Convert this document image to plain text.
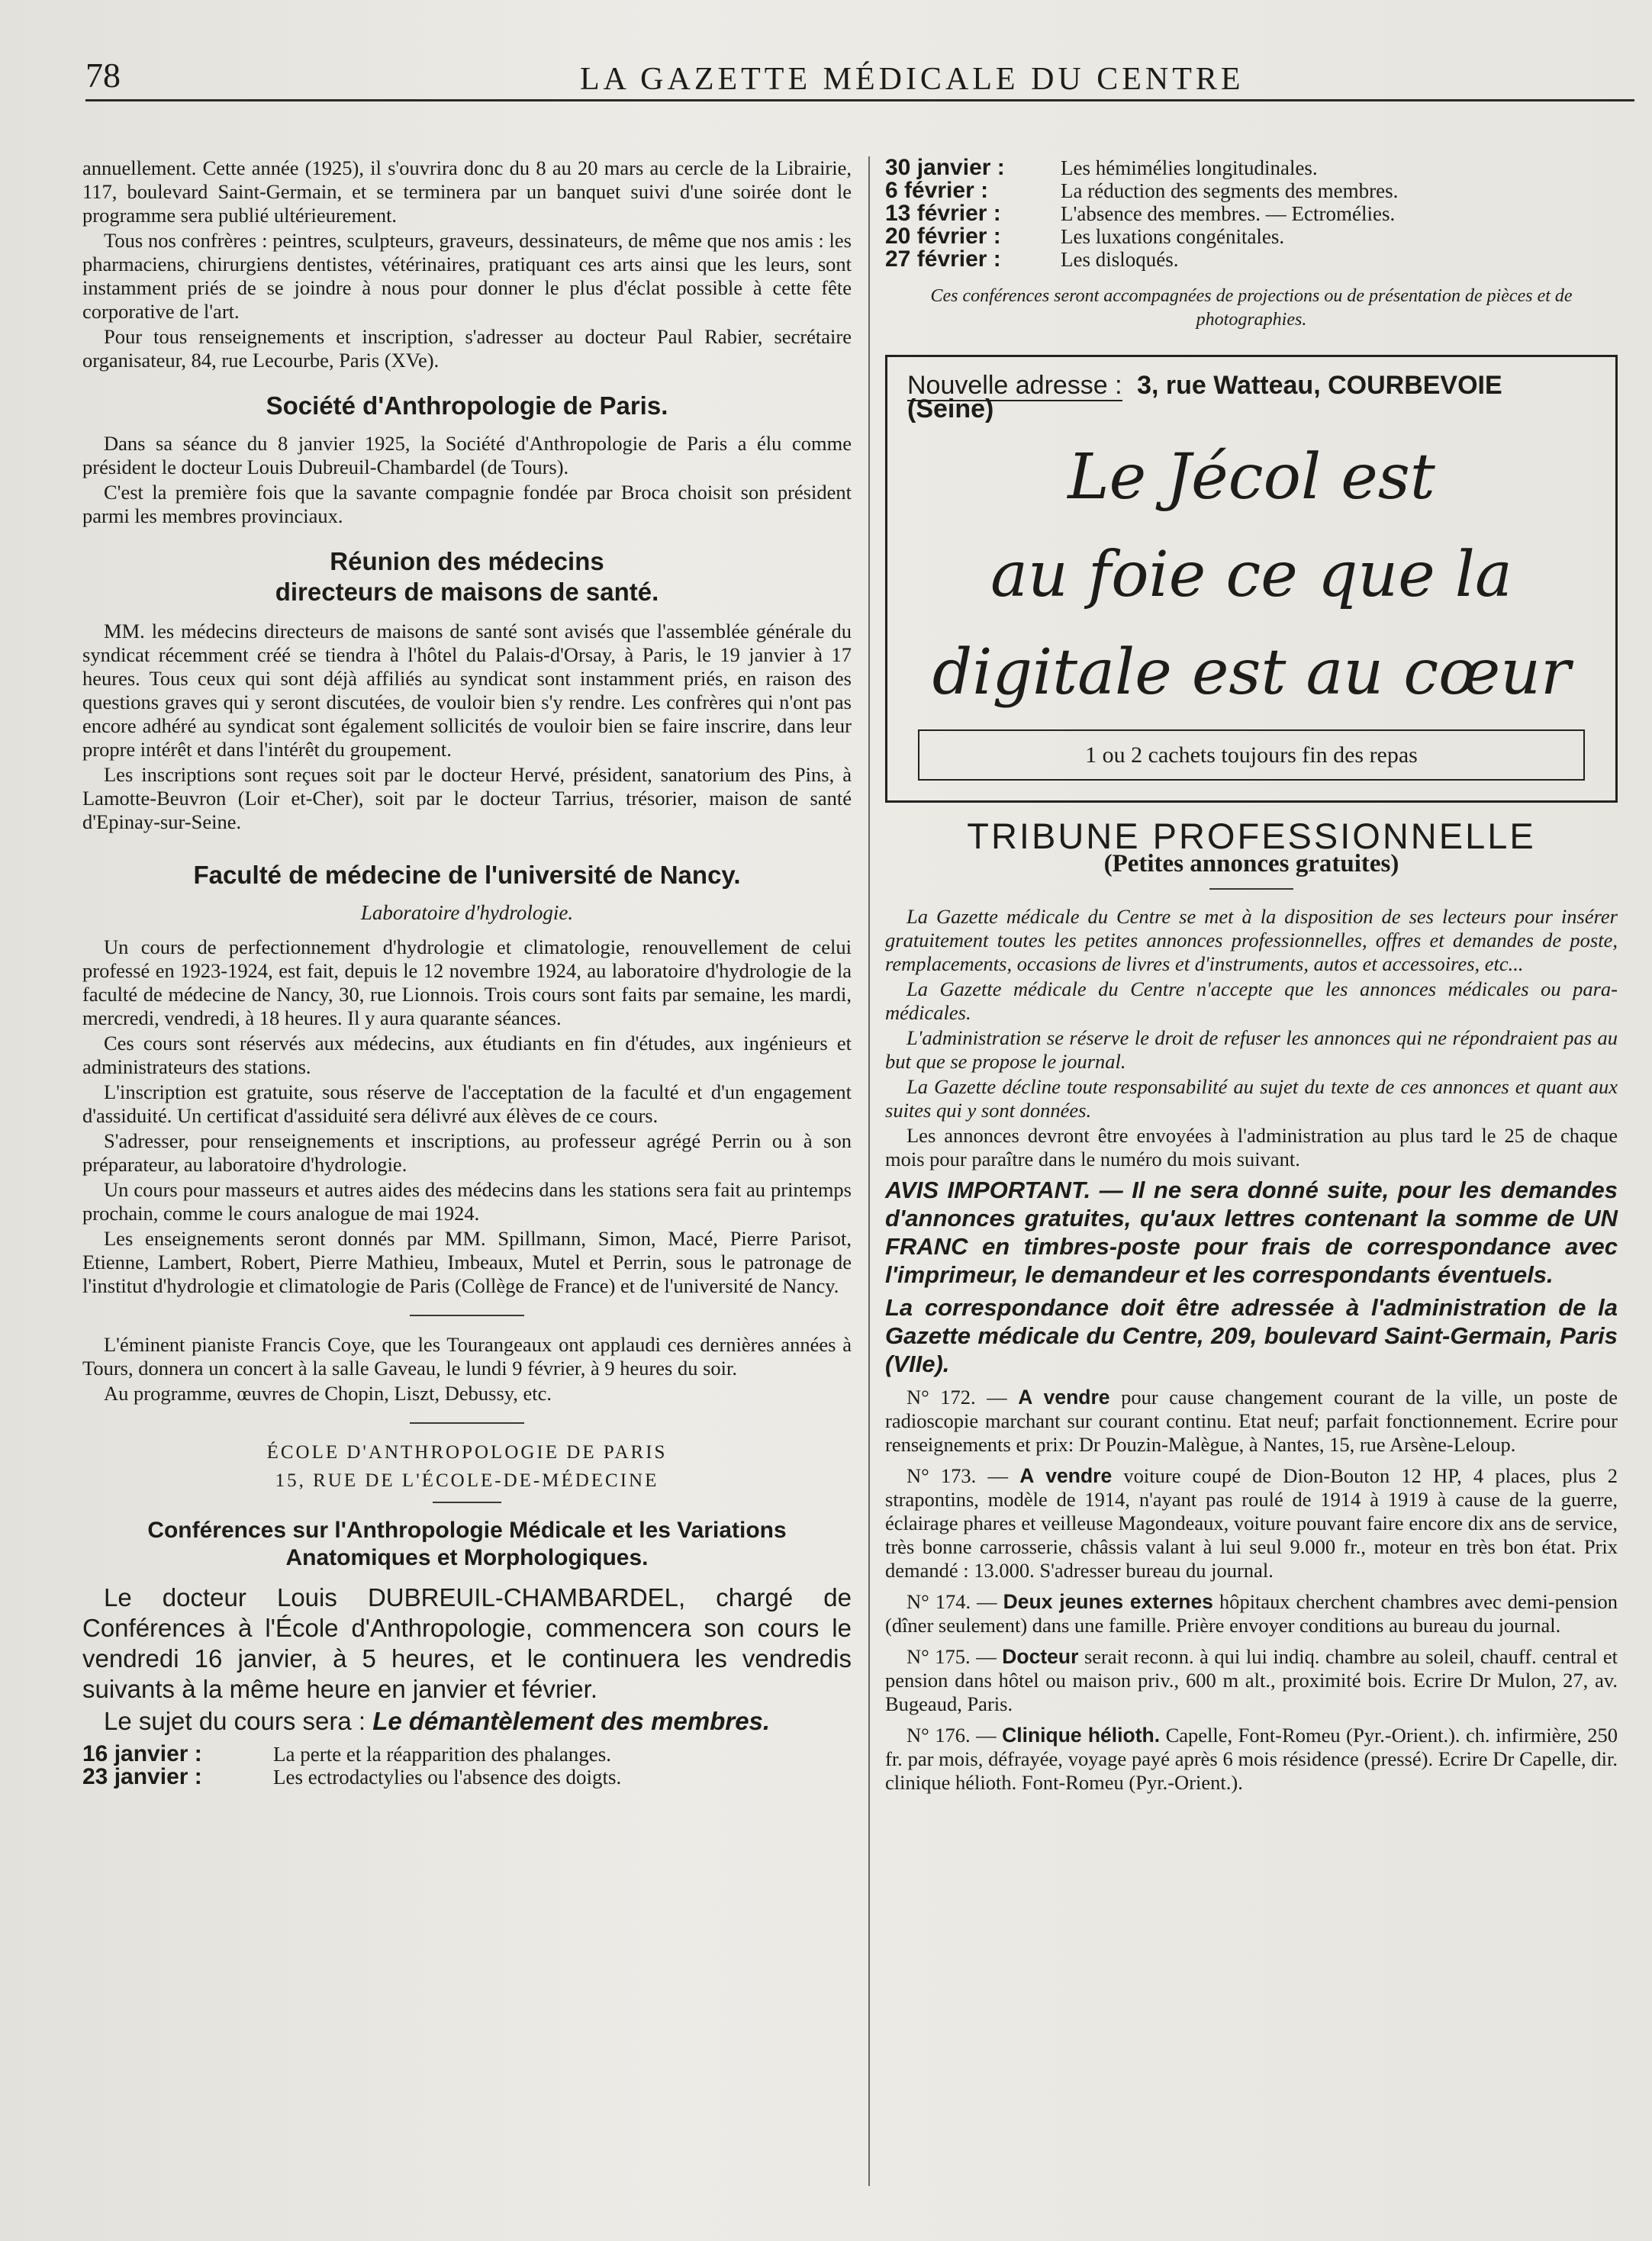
78	LA GAZETTE MÉDICALE DU CENTRE

annuellement. Cette année (1925), il s'ouvrira donc du 8 au 20 mars au cercle de la Librairie, 117, boulevard Saint-Germain, et se terminera par un banquet suivi d'une soirée dont le programme sera publié ultérieurement.

Tous nos confrères : peintres, sculpteurs, graveurs, dessinateurs, de même que nos amis : les pharmaciens, chirurgiens dentistes, vétérinaires, pratiquant ces arts ainsi que les leurs, sont instamment priés de se joindre à nous pour donner le plus d'éclat possible à cette fête corporative de l'art.

Pour tous renseignements et inscription, s'adresser au docteur Paul Rabier, secrétaire organisateur, 84, rue Lecourbe, Paris (XVe).

Société d'Anthropologie de Paris.

Dans sa séance du 8 janvier 1925, la Société d'Anthropologie de Paris a élu comme président le docteur Louis Dubreuil-Chambardel (de Tours).

C'est la première fois que la savante compagnie fondée par Broca choisit son président parmi les membres provinciaux.

Réunion des médecins
directeurs de maisons de santé.

MM. les médecins directeurs de maisons de santé sont avisés que l'assemblée générale du syndicat récemment créé se tiendra à l'hôtel du Palais-d'Orsay, à Paris, le 19 janvier à 17 heures. Tous ceux qui sont déjà affiliés au syndicat sont instamment priés, en raison des questions graves qui y seront discutées, de vouloir bien s'y rendre. Les confrères qui n'ont pas encore adhéré au syndicat sont également sollicités de vouloir bien se faire inscrire, dans leur propre intérêt et dans l'intérêt du groupement.

Les inscriptions sont reçues soit par le docteur Hervé, président, sanatorium des Pins, à Lamotte-Beuvron (Loir et-Cher), soit par le docteur Tarrius, trésorier, maison de santé d'Epinay-sur-Seine.

Faculté de médecine de l'université de Nancy.
Laboratoire d'hydrologie.

Un cours de perfectionnement d'hydrologie et climatologie, renouvellement de celui professé en 1923-1924, est fait, depuis le 12 novembre 1924, au laboratoire d'hydrologie de la faculté de médecine de Nancy, 30, rue Lionnois. Trois cours sont faits par semaine, les mardi, mercredi, vendredi, à 18 heures. Il y aura quarante séances.

Ces cours sont réservés aux médecins, aux étudiants en fin d'études, aux ingénieurs et administrateurs des stations.

L'inscription est gratuite, sous réserve de l'acceptation de la faculté et d'un engagement d'assiduité. Un certificat d'assiduité sera délivré aux élèves de ce cours.

S'adresser, pour renseignements et inscriptions, au professeur agrégé Perrin ou à son préparateur, au laboratoire d'hydrologie.

Un cours pour masseurs et autres aides des médecins dans les stations sera fait au printemps prochain, comme le cours analogue de mai 1924.

Les enseignements seront donnés par MM. Spillmann, Simon, Macé, Pierre Parisot, Etienne, Lambert, Robert, Pierre Mathieu, Imbeaux, Mutel et Perrin, sous le patronage de l'institut d'hydrologie et climatologie de Paris (Collège de France) et de l'université de Nancy.

L'éminent pianiste Francis Coye, que les Tourangeaux ont applaudi ces dernières années à Tours, donnera un concert à la salle Gaveau, le lundi 9 février, à 9 heures du soir.

Au programme, œuvres de Chopin, Liszt, Debussy, etc.

ÉCOLE D'ANTHROPOLOGIE DE PARIS
15, RUE DE L'ÉCOLE-DE-MÉDECINE
Conférences sur l'Anthropologie Médicale et les Variations Anatomiques et Morphologiques.

Le docteur Louis DUBREUIL-CHAMBARDEL, chargé de Conférences à l'École d'Anthropologie, commencera son cours le vendredi 16 janvier, à 5 heures, et le continuera les vendredis suivants à la même heure en janvier et février.

Le sujet du cours sera : Le démantèlement des membres.

16 janvier :	La perte et la réapparition des phalanges.
23 janvier :	Les ectrodactylies ou l'absence des doigts.
30 janvier :	Les hémimélies longitudinales.
6 février :	La réduction des segments des membres.
13 février :	L'absence des membres. — Ectromélies.
20 février :	Les luxations congénitales.
27 février :	Les disloqués.

Ces conférences seront accompagnées de projections ou de présentation de pièces et de photographies.

Nouvelle adresse : 3, rue Watteau, COURBEVOIE (Seine)
Le Jécol est
au foie ce que la
digitale est au cœur
1 ou 2 cachets toujours fin des repas
TRIBUNE PROFESSIONNELLE
(Petites annonces gratuites)

La Gazette médicale du Centre se met à la disposition de ses lecteurs pour insérer gratuitement toutes les petites annonces professionnelles, offres et demandes de poste, remplacements, occasions de livres et d'instruments, autos et accessoires, etc...

La Gazette médicale du Centre n'accepte que les annonces médicales ou para-médicales.

L'administration se réserve le droit de refuser les annonces qui ne répondraient pas au but que se propose le journal.

La Gazette décline toute responsabilité au sujet du texte de ces annonces et quant aux suites qui y sont données.

Les annonces devront être envoyées à l'administration au plus tard le 25 de chaque mois pour paraître dans le numéro du mois suivant.

AVIS IMPORTANT. — Il ne sera donné suite, pour les demandes d'annonces gratuites, qu'aux lettres contenant la somme de UN FRANC en timbres-poste pour frais de correspondance avec l'imprimeur, le demandeur et les correspondants éventuels.

La correspondance doit être adressée à l'administration de la Gazette médicale du Centre, 209, boulevard Saint-Germain, Paris (VIIe).

N° 172. — A vendre pour cause changement courant de la ville, un poste de radioscopie marchant sur courant continu. Etat neuf; parfait fonctionnement. Ecrire pour renseignements et prix: Dr Pouzin-Malègue, à Nantes, 15, rue Arsène-Leloup.

N° 173. — A vendre voiture coupé de Dion-Bouton 12 HP, 4 places, plus 2 strapontins, modèle de 1914, n'ayant pas roulé de 1914 à 1919 à cause de la guerre, éclairage phares et veilleuse Magondeaux, voiture pouvant faire encore dix ans de service, très bonne carrosserie, châssis valant à lui seul 9.000 fr., moteur en très bon état. Prix demandé : 13.000. S'adresser bureau du journal.

N° 174. — Deux jeunes externes hôpitaux cherchent chambres avec demi-pension (dîner seulement) dans une famille. Prière envoyer conditions au bureau du journal.

N° 175. — Docteur serait reconn. à qui lui indiq. chambre au soleil, chauff. central et pension dans hôtel ou maison priv., 600 m alt., proximité bois. Ecrire Dr Mulon, 27, av. Bugeaud, Paris.

N° 176. — Clinique hélioth. Capelle, Font-Romeu (Pyr.-Orient.). ch. infirmière, 250 fr. par mois, défrayée, voyage payé après 6 mois résidence (pressé). Ecrire Dr Capelle, dir. clinique hélioth. Font-Romeu (Pyr.-Orient.).
